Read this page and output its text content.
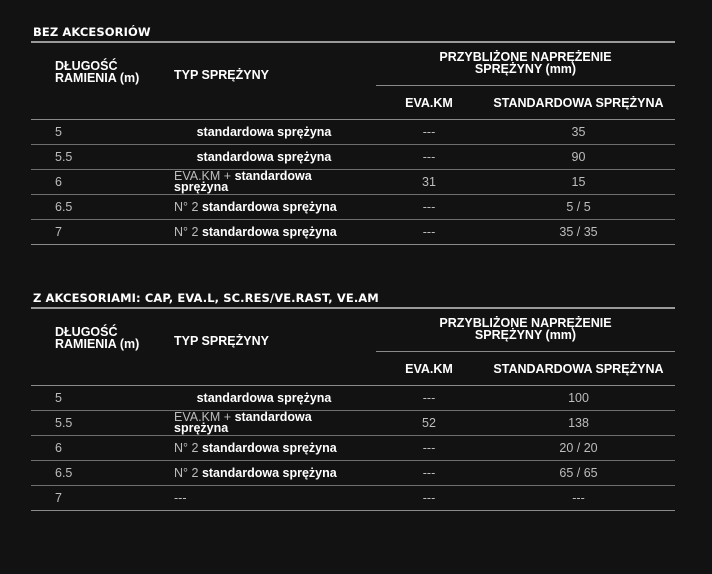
BEZ AKCESORIÓW
DŁUGOŚĆ
RAMIENIA (m)	TYP SPRĘŻYNY
PRZYBLIŻONE NAPRĘŻENIE
SPRĘŻYNY (mm)
EVA.KM	STANDARDOWA SPRĘŻYNA
5	standardowa sprężyna	---	35
5.5	standardowa sprężyna	---	90
6	EVA.KM + standardowa sprężyna	31	15
6.5	N° 2 standardowa sprężyna	---	5 / 5
7	N° 2 standardowa sprężyna	---	35 / 35
Z AKCESORIAMI: CAP, EVA.L, SC.RES/VE.RAST, VE.AM
DŁUGOŚĆ
RAMIENIA (m)	TYP SPRĘŻYNY
PRZYBLIŻONE NAPRĘŻENIE
SPRĘŻYNY (mm)
EVA.KM	STANDARDOWA SPRĘŻYNA
5	standardowa sprężyna	---	100
5.5	EVA.KM + standardowa sprężyna	52	138
6	N° 2 standardowa sprężyna	---	20 / 20
6.5	N° 2 standardowa sprężyna	---	65 / 65
7	---	---	---
